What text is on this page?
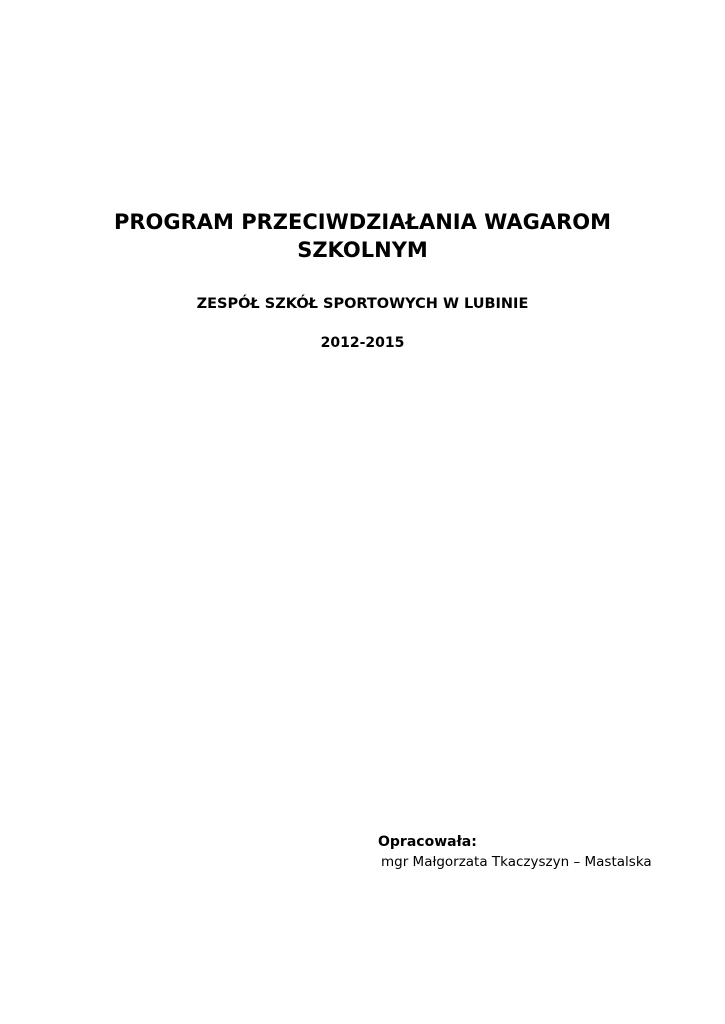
PROGRAM PRZECIWDZIAŁANIA WAGAROM
SZKOLNYM
ZESPÓŁ SZKÓŁ SPORTOWYCH W LUBINIE
2012-2015
Opracowała:
mgr Małgorzata Tkaczyszyn – Mastalska
